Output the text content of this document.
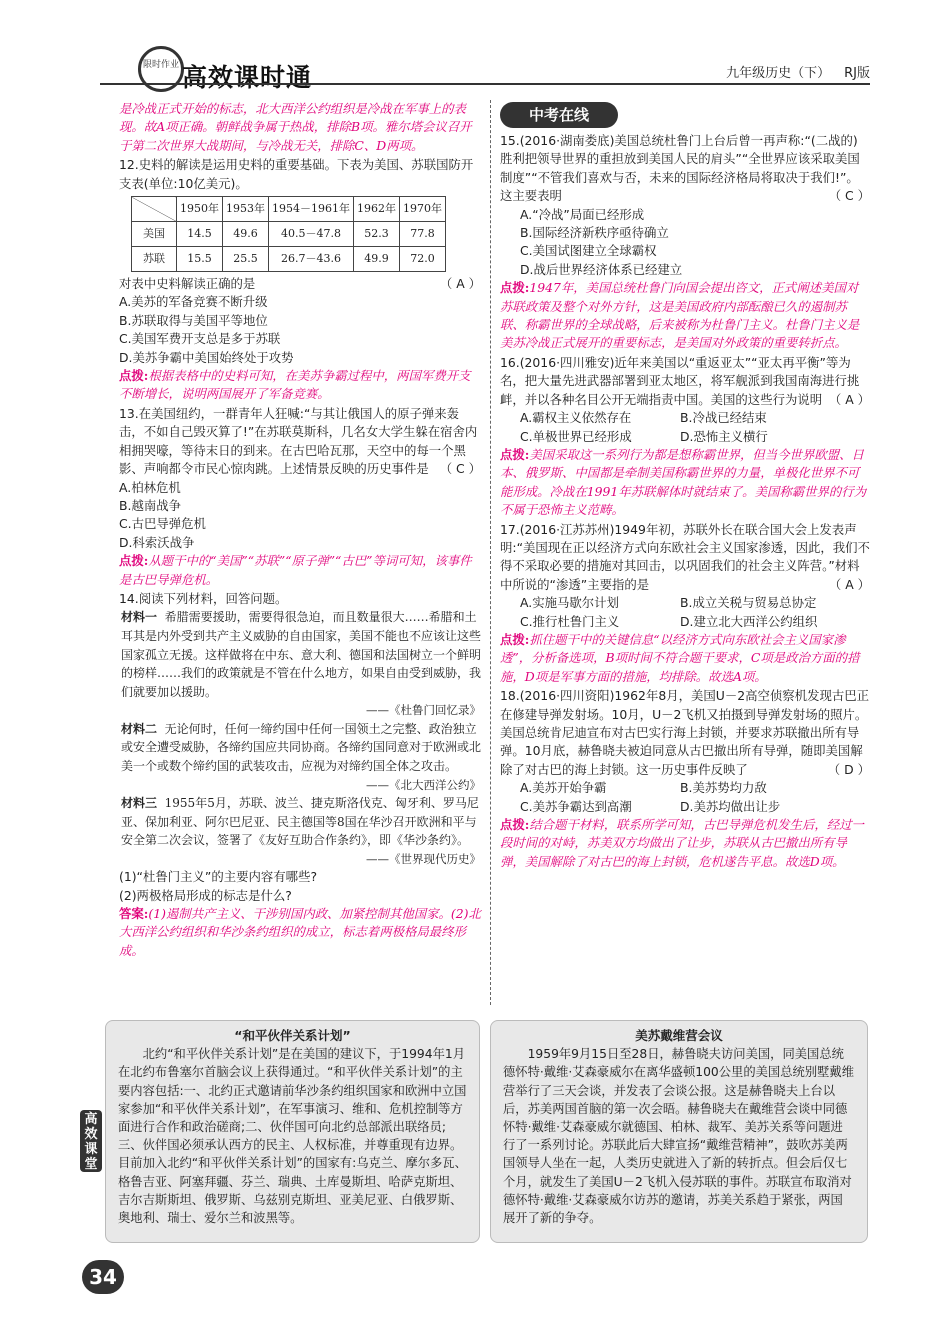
限时作业 高效课时通	九年级历史（下） RJ版

是冷战正式开始的标志，北大西洋公约组织是冷战在军事上的表现。故A项正确。朝鲜战争属于热战，排除B项。雅尔塔会议召开于第二次世界大战期间，与冷战无关，排除C、D两项。

12.史料的解读是运用史料的重要基础。下表为美国、苏联国防开支表(单位:10亿美元)。

	1950年	1953年	1954－1961年	1962年	1970年
美国	14.5	49.6	40.5－47.8	52.3	77.8
苏联	15.5	25.5	26.7－43.6	49.9	72.0

对表中史料解读正确的是	（ A ）

A.美苏的军备竞赛不断升级

B.苏联取得与美国平等地位

C.美国军费开支总是多于苏联

D.美苏争霸中美国始终处于攻势

点拨:根据表格中的史料可知，在美苏争霸过程中，两国军费开支不断增长，说明两国展开了军备竞赛。

13.在美国纽约，一群青年人狂喊:“与其让俄国人的原子弹来轰击，不如自己毁灭算了!”在苏联莫斯科，几名女大学生躲在宿舍内相拥哭嚎，等待末日的到来。在古巴哈瓦那，天空中的每一个黑影、声响都令市民心惊肉跳。上述情景反映的历史事件是 （ C ）

A.柏林危机

B.越南战争

C.古巴导弹危机

D.科索沃战争

点拨:从题干中的“美国”“苏联”“原子弹”“古巴”等词可知，该事件是古巴导弹危机。

14.阅读下列材料，回答问题。

材料一 希腊需要援助，需要得很急迫，而且数量很大……希腊和土耳其是内外受到共产主义威胁的自由国家，美国不能也不应该让这些国家孤立无援。这样做将在中东、意大利、德国和法国树立一个鲜明的榜样……我们的政策就是不管在什么地方，如果自由受到威胁，我们就要加以援助。

——《杜鲁门回忆录》

材料二 无论何时，任何一缔约国中任何一国领土之完整、政治独立或安全遭受威胁，各缔约国应共同协商。各缔约国同意对于欧洲或北美一个或数个缔约国的武装攻击，应视为对缔约国全体之攻击。

——《北大西洋公约》

材料三 1955年5月，苏联、波兰、捷克斯洛伐克、匈牙利、罗马尼亚、保加利亚、阿尔巴尼亚、民主德国等8国在华沙召开欧洲和平与安全第二次会议，签署了《友好互助合作条约》，即《华沙条约》。

——《世界现代历史》

(1)“杜鲁门主义”的主要内容有哪些?

(2)两极格局形成的标志是什么?

答案:(1)遏制共产主义、干涉别国内政、加紧控制其他国家。(2)北大西洋公约组织和华沙条约组织的成立，标志着两极格局最终形成。

中考在线

15.(2016·湖南娄底)美国总统杜鲁门上台后曾一再声称:“(二战的)胜利把领导世界的重担放到美国人民的肩头”“全世界应该采取美国制度”“不管我们喜欢与否，未来的国际经济格局将取决于我们!”。这主要表明	（ C ）

A.“冷战”局面已经形成

B.国际经济新秩序亟待确立

C.美国试图建立全球霸权

D.战后世界经济体系已经建立

点拨:1947年，美国总统杜鲁门向国会提出咨文，正式阐述美国对苏联政策及整个对外方针，这是美国政府内部酝酿已久的遏制苏联、称霸世界的全球战略，后来被称为杜鲁门主义。杜鲁门主义是美苏冷战正式展开的重要标志，是美国对外政策的重要转折点。

16.(2016·四川雅安)近年来美国以“重返亚太”“亚太再平衡”等为名，把大量先进武器部署到亚太地区，将军舰派到我国南海进行挑衅，并以各种名目公开无端指责中国。美国的这些行为说明 （ A ）

A.霸权主义依然存在	B.冷战已经结束
C.单极世界已经形成	D.恐怖主义横行

点拨:美国采取这一系列行为都是想称霸世界，但当今世界欧盟、日本、俄罗斯、中国都是牵制美国称霸世界的力量，单极化世界不可能形成。冷战在1991年苏联解体时就结束了。美国称霸世界的行为不属于恐怖主义范畴。

17.(2016·江苏苏州)1949年初，苏联外长在联合国大会上发表声明:“美国现在正以经济方式向东欧社会主义国家渗透，因此，我们不得不采取必要的措施对其回击，以巩固我们的社会主义阵营。”材料中所说的“渗透”主要指的是	（ A ）

A.实施马歇尔计划	B.成立关税与贸易总协定
C.推行杜鲁门主义	D.建立北大西洋公约组织

点拨:抓住题干中的关键信息“以经济方式向东欧社会主义国家渗透”，分析备选项，B项时间不符合题干要求，C项是政治方面的措施，D项是军事方面的措施，均排除。故选A项。

18.(2016·四川资阳)1962年8月，美国U－2高空侦察机发现古巴正在修建导弹发射场。10月，U－2飞机又拍摄到导弹发射场的照片。美国总统肯尼迪宣布对古巴实行海上封锁，并要求苏联撤出所有导弹。10月底，赫鲁晓夫被迫同意从古巴撤出所有导弹，随即美国解除了对古巴的海上封锁。这一历史事件反映了	（ D ）

A.美苏开始争霸	B.美苏势均力敌
C.美苏争霸达到高潮	D.美苏均做出让步

点拨:结合题干材料，联系所学可知，古巴导弹危机发生后，经过一段时间的对峙，苏美双方均做出了让步，苏联从古巴撤出所有导弹，美国解除了对古巴的海上封锁，危机遂告平息。故选D项。

“和平伙伴关系计划”
北约“和平伙伴关系计划”是在美国的建议下，于1994年1月在北约布鲁塞尔首脑会议上获得通过。“和平伙伴关系计划”的主要内容包括:一、北约正式邀请前华沙条约组织国家和欧洲中立国家参加“和平伙伴关系计划”，在军事演习、维和、危机控制等方面进行合作和政治磋商;二、伙伴国可向北约总部派出联络员;三、伙伴国必须承认西方的民主、人权标准，并尊重现有边界。目前加入北约“和平伙伴关系计划”的国家有:乌克兰、摩尔多瓦、格鲁吉亚、阿塞拜疆、芬兰、瑞典、土库曼斯坦、哈萨克斯坦、吉尔吉斯斯坦、俄罗斯、乌兹别克斯坦、亚美尼亚、白俄罗斯、奥地利、瑞士、爱尔兰和波黑等。
美苏戴维营会议
1959年9月15日至28日，赫鲁晓夫访问美国，同美国总统德怀特·戴维·艾森豪威尔在离华盛顿100公里的美国总统别墅戴维营举行了三天会谈，并发表了会谈公报。这是赫鲁晓夫上台以后，苏美两国首脑的第一次会晤。赫鲁晓夫在戴维营会谈中同德怀特·戴维·艾森豪威尔就德国、柏林、裁军、美苏关系等问题进行了一系列讨论。苏联此后大肆宣扬“戴维营精神”，鼓吹苏美两国领导人坐在一起，人类历史就进入了新的转折点。但会后仅七个月，就发生了美国U－2飞机入侵苏联的事件。苏联宣布取消对德怀特·戴维·艾森豪威尔访苏的邀请，苏美关系趋于紧张，两国展开了新的争夺。
高效课堂
34
